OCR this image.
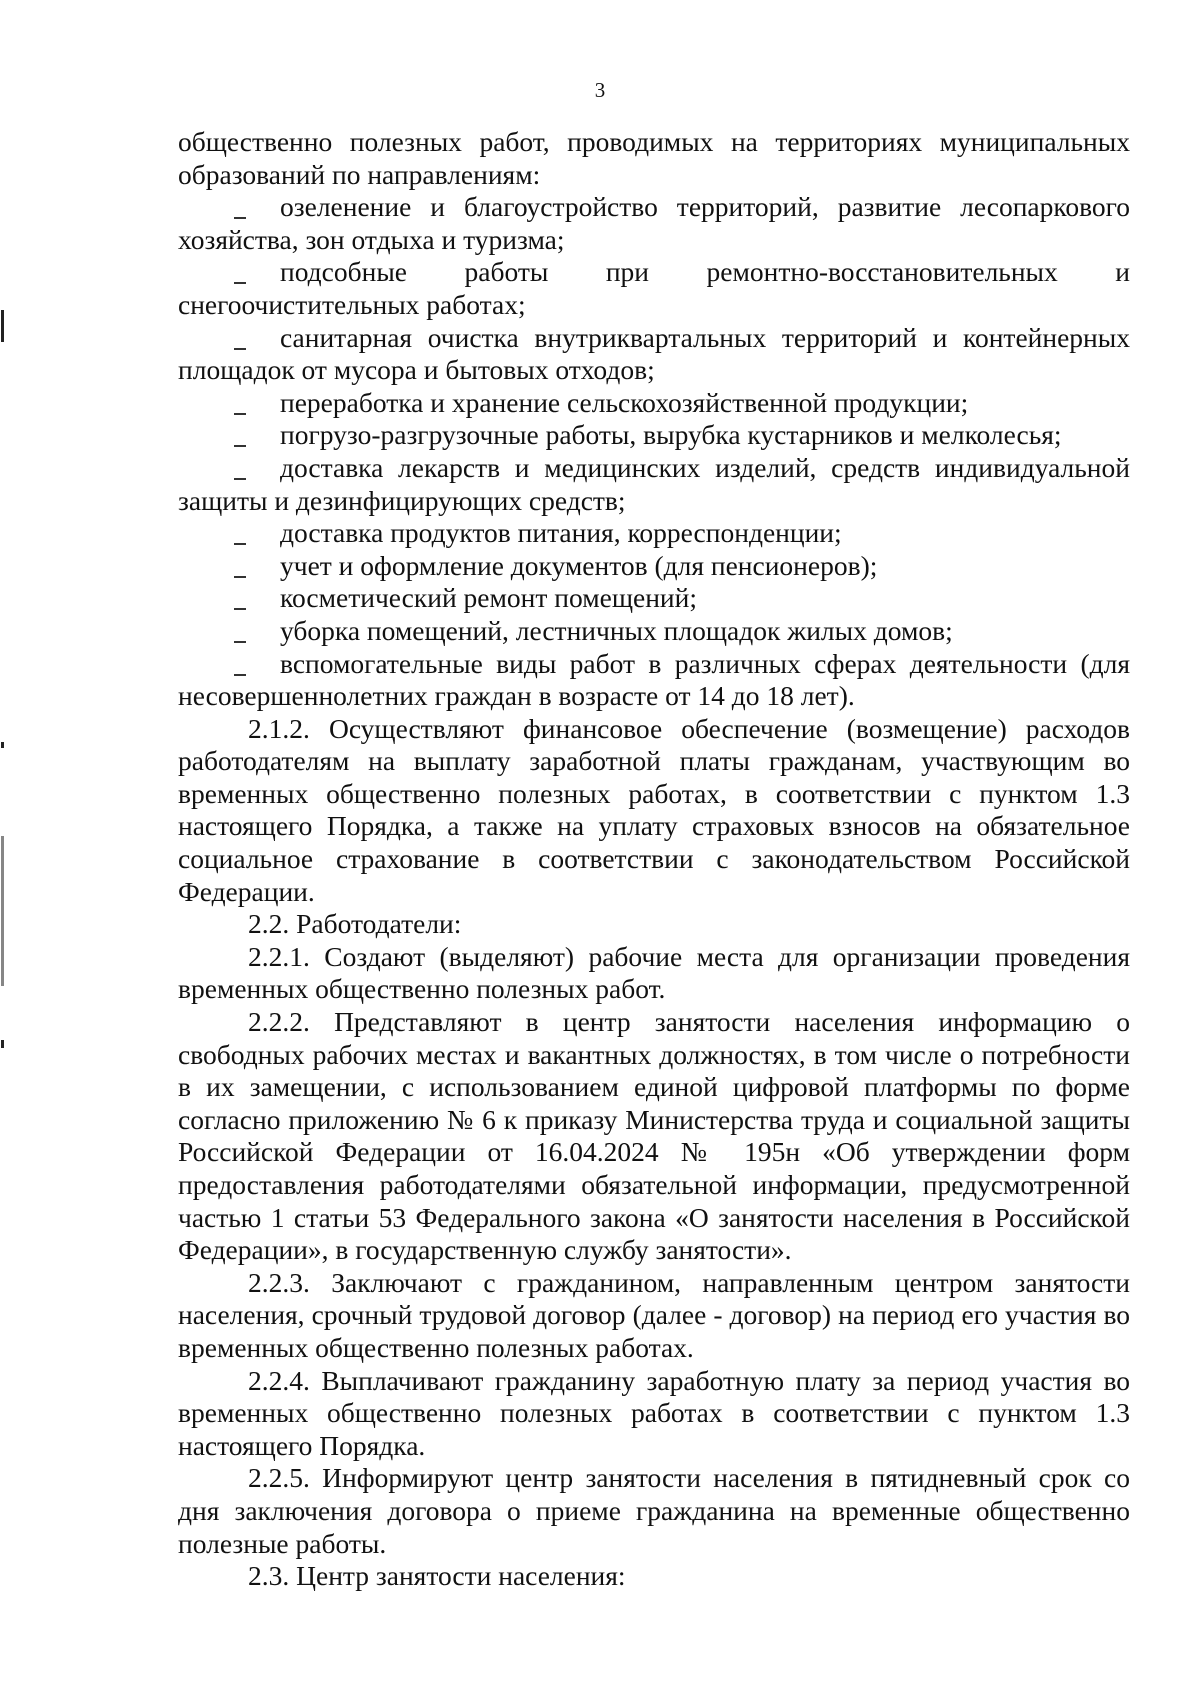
3

общественно полезных работ, проводимых на территориях муниципальных образований по направлениям:

озеленение и благоустройство территорий, развитие лесопаркового хозяйства, зон отдыха и туризма;

подсобные работы при ремонтно-восстановительных и снегоочистительных работах;

санитарная очистка внутриквартальных территорий и контейнерных площадок от мусора и бытовых отходов;

переработка и хранение сельскохозяйственной продукции;

погрузо-разгрузочные работы, вырубка кустарников и мелколесья;

доставка лекарств и медицинских изделий, средств индивидуальной защиты и дезинфицирующих средств;

доставка продуктов питания, корреспонденции;

учет и оформление документов (для пенсионеров);

косметический ремонт помещений;

уборка помещений, лестничных площадок жилых домов;

вспомогательные виды работ в различных сферах деятельности (для несовершеннолетних граждан в возрасте от 14 до 18 лет).

2.1.2. Осуществляют финансовое обеспечение (возмещение) расходов работодателям на выплату заработной платы гражданам, участвующим во временных общественно полезных работах, в соответствии с пунктом 1.3 настоящего Порядка, а также на уплату страховых взносов на обязательное социальное страхование в соответствии с законодательством Российской Федерации.

2.2. Работодатели:

2.2.1. Создают (выделяют) рабочие места для организации проведения временных общественно полезных работ.

2.2.2. Представляют в центр занятости населения информацию о свободных рабочих местах и вакантных должностях, в том числе о потребности в их замещении, с использованием единой цифровой платформы по форме согласно приложению № 6 к приказу Министерства труда и социальной защиты Российской Федерации от 16.04.2024 № 195н «Об утверждении форм предоставления работодателями обязательной информации, предусмотренной частью 1 статьи 53 Федерального закона «О занятости населения в Российской Федерации», в государственную службу занятости».

2.2.3. Заключают с гражданином, направленным центром занятости населения, срочный трудовой договор (далее - договор) на период его участия во временных общественно полезных работах.

2.2.4. Выплачивают гражданину заработную плату за период участия во временных общественно полезных работах в соответствии с пунктом 1.3 настоящего Порядка.

2.2.5. Информируют центр занятости населения в пятидневный срок со дня заключения договора о приеме гражданина на временные общественно полезные работы.

2.3. Центр занятости населения:
